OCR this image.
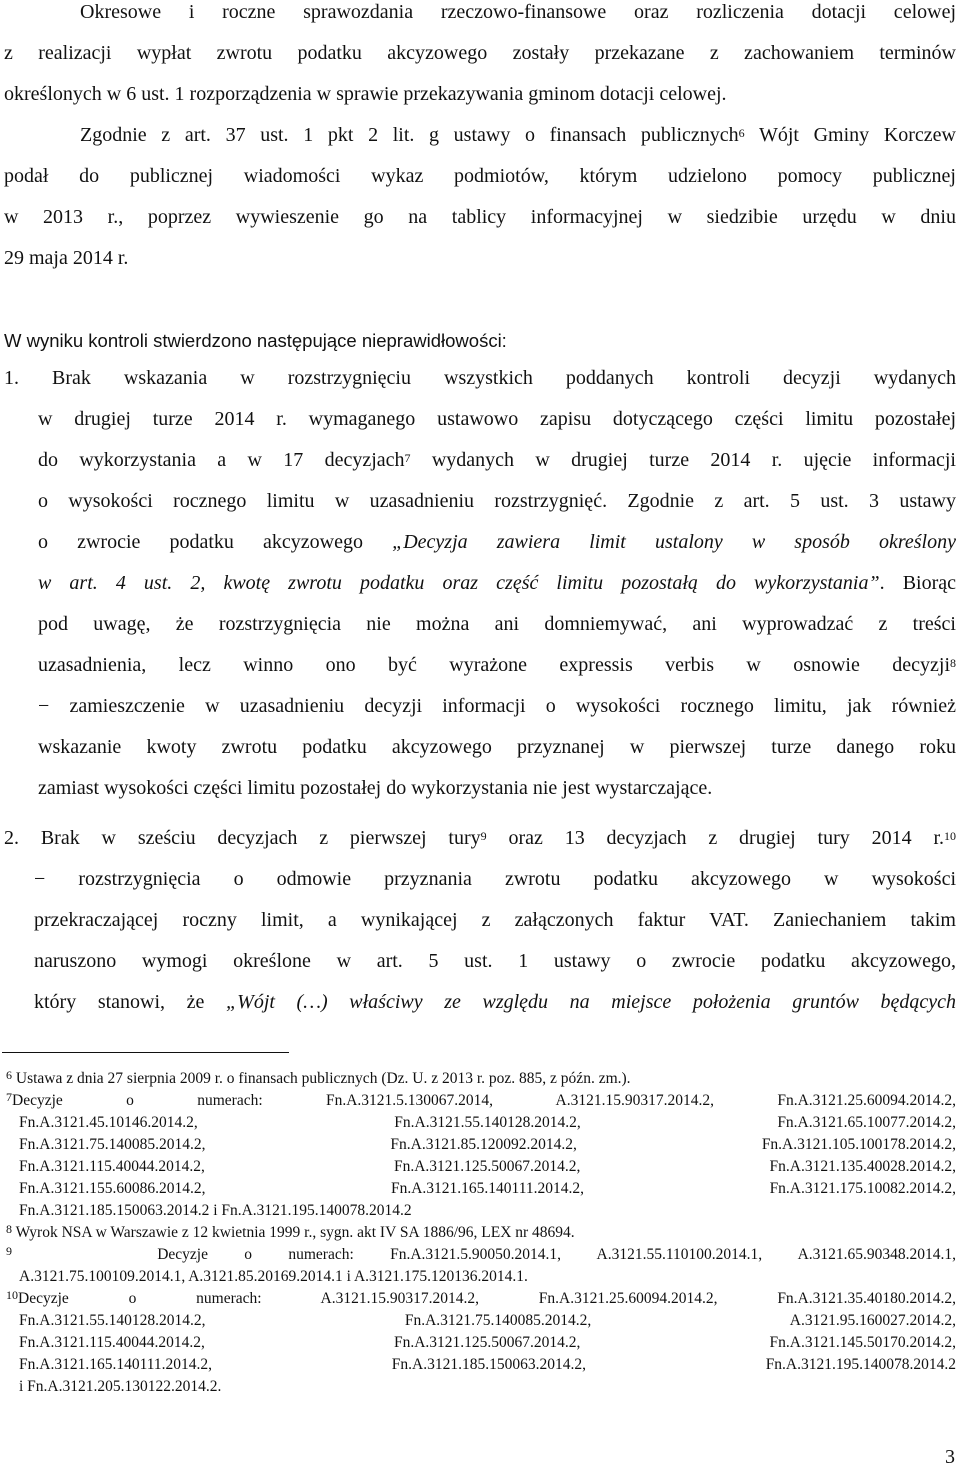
Okresowe i roczne sprawozdania rzeczowo-finansowe oraz rozliczenia dotacji celowej
z realizacji wypłat zwrotu podatku akcyzowego zostały przekazane z zachowaniem terminów
określonych w 6 ust. 1 rozporządzenia w sprawie przekazywania gminom dotacji celowej.
Zgodnie z art. 37 ust. 1 pkt 2 lit. g ustawy o finansach publicznych$^6$ Wójt Gminy Korczew
podał do publicznej wiadomości wykaz podmiotów, którym udzielono pomocy publicznej
w 2013 r., poprzez wywieszenie go na tablicy informacyjnej w siedzibie urzędu w dniu
29 maja 2014 r.
W wyniku kontroli stwierdzono następujące nieprawidłowości:
1. Brak wskazania w rozstrzygnięciu wszystkich poddanych kontroli decyzji wydanych
w drugiej turze 2014 r. wymaganego ustawowo zapisu dotyczącego części limitu pozostałej
do wykorzystania a w 17 decyzjach$^7$ wydanych w drugiej turze 2014 r. ujęcie informacji
o wysokości rocznego limitu w uzasadnieniu rozstrzygnięć. Zgodnie z art. 5 ust. 3 ustawy
o zwrocie podatku akcyzowego „Decyzja zawiera limit ustalony w sposób określony
w art. 4 ust. 2, kwotę zwrotu podatku oraz część limitu pozostałą do wykorzystania”. Biorąc
pod uwagę, że rozstrzygnięcia nie można ani domniemywać, ani wyprowadzać z treści
uzasadnienia, lecz winno ono być wyrażone expressis verbis w osnowie decyzji$^8$
− zamieszczenie w uzasadnieniu decyzji informacji o wysokości rocznego limitu, jak również
wskazanie kwoty zwrotu podatku akcyzowego przyznanej w pierwszej turze danego roku
zamiast wysokości części limitu pozostałej do wykorzystania nie jest wystarczające.
2. Brak w sześciu decyzjach z pierwszej tury$^9$ oraz 13 decyzjach z drugiej tury 2014 r.$^{10}$
− rozstrzygnięcia o odmowie przyznania zwrotu podatku akcyzowego w wysokości
przekraczającej roczny limit, a wynikającej z załączonych faktur VAT. Zaniechaniem takim
naruszono wymogi określone w art. 5 ust. 1 ustawy o zwrocie podatku akcyzowego,
który stanowi, że „Wójt (…) właściwy ze względu na miejsce położenia gruntów będących
$^6$ Ustawa z dnia 27 sierpnia 2009 r. o finansach publicznych (Dz. U. z 2013 r. poz. 885, z późn. zm.).
$^7$Decyzje	o	numerach:	Fn.A.3121.5.130067.2014,	A.3121.15.90317.2014.2,	Fn.A.3121.25.60094.2014.2,
Fn.A.3121.45.10146.2014.2,	Fn.A.3121.55.140128.2014.2,	Fn.A.3121.65.10077.2014.2,
Fn.A.3121.75.140085.2014.2,	Fn.A.3121.85.120092.2014.2,	Fn.A.3121.105.100178.2014.2,
Fn.A.3121.115.40044.2014.2,	Fn.A.3121.125.50067.2014.2,	Fn.A.3121.135.40028.2014.2,
Fn.A.3121.155.60086.2014.2,	Fn.A.3121.165.140111.2014.2,	Fn.A.3121.175.10082.2014.2,
Fn.A.3121.185.150063.2014.2 i Fn.A.3121.195.140078.2014.2
$^8$ Wyrok NSA w Warszawie z 12 kwietnia 1999 r., sygn. akt IV SA 1886/96, LEX nr 48694.
$^9$	Decyzje o numerach: Fn.A.3121.5.90050.2014.1, A.3121.55.110100.2014.1, A.3121.65.90348.2014.1,
A.3121.75.100109.2014.1, A.3121.85.20169.2014.1 i A.3121.175.120136.2014.1.
$^{10}$Decyzje	o	numerach:	A.3121.15.90317.2014.2,	Fn.A.3121.25.60094.2014.2,	Fn.A.3121.35.40180.2014.2,
Fn.A.3121.55.140128.2014.2,	Fn.A.3121.75.140085.2014.2,	A.3121.95.160027.2014.2,
Fn.A.3121.115.40044.2014.2,	Fn.A.3121.125.50067.2014.2,	Fn.A.3121.145.50170.2014.2,
Fn.A.3121.165.140111.2014.2,	Fn.A.3121.185.150063.2014.2,	Fn.A.3121.195.140078.2014.2
i Fn.A.3121.205.130122.2014.2.
3
